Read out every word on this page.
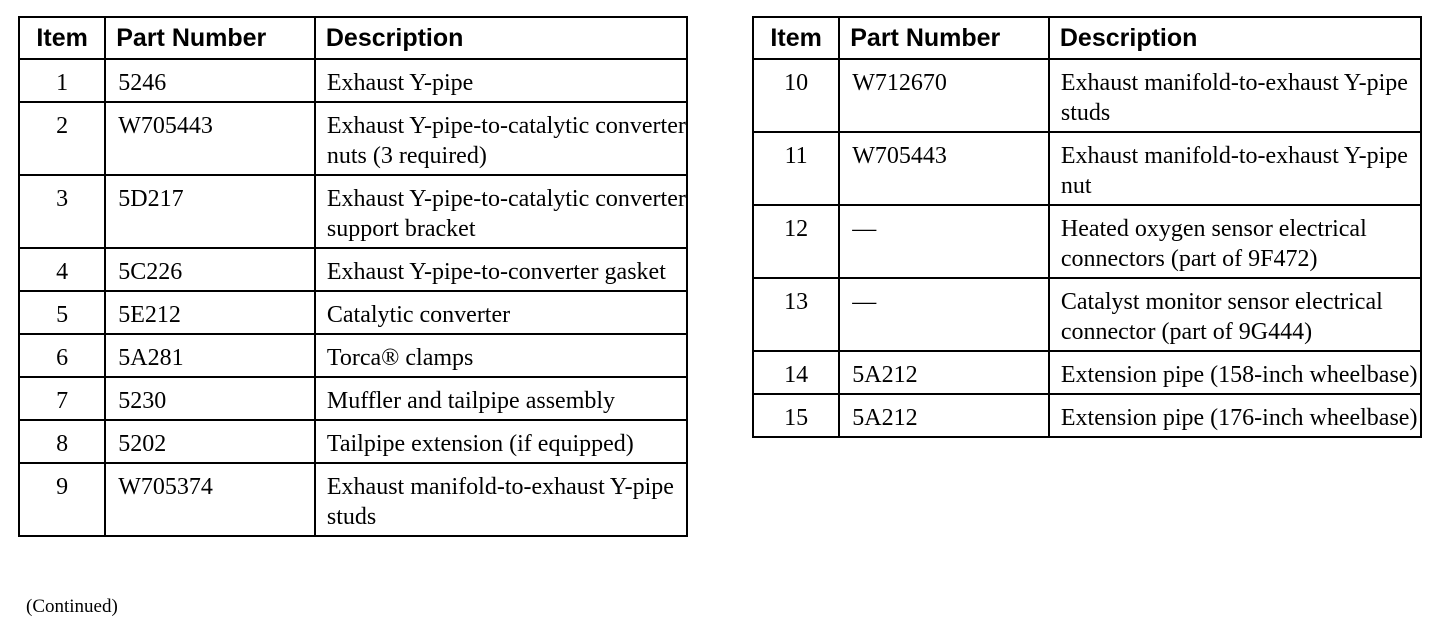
Item	Part Number	Description
1	5246	Exhaust Y-pipe
2	W705443	Exhaust Y-pipe-to-catalytic converter nuts (3 required)
3	5D217	Exhaust Y-pipe-to-catalytic converter support bracket
4	5C226	Exhaust Y-pipe-to-converter gasket
5	5E212	Catalytic converter
6	5A281	Torca® clamps
7	5230	Muffler and tailpipe assembly
8	5202	Tailpipe extension (if equipped)
9	W705374	Exhaust manifold-to-exhaust Y-pipe studs
(Continued)
Item	Part Number	Description
10	W712670	Exhaust manifold-to-exhaust Y-pipe studs
11	W705443	Exhaust manifold-to-exhaust Y-pipe nut
12	—	Heated oxygen sensor electrical connectors (part of 9F472)
13	—	Catalyst monitor sensor electrical connector (part of 9G444)
14	5A212	Extension pipe (158-inch wheelbase)
15	5A212	Extension pipe (176-inch wheelbase)
